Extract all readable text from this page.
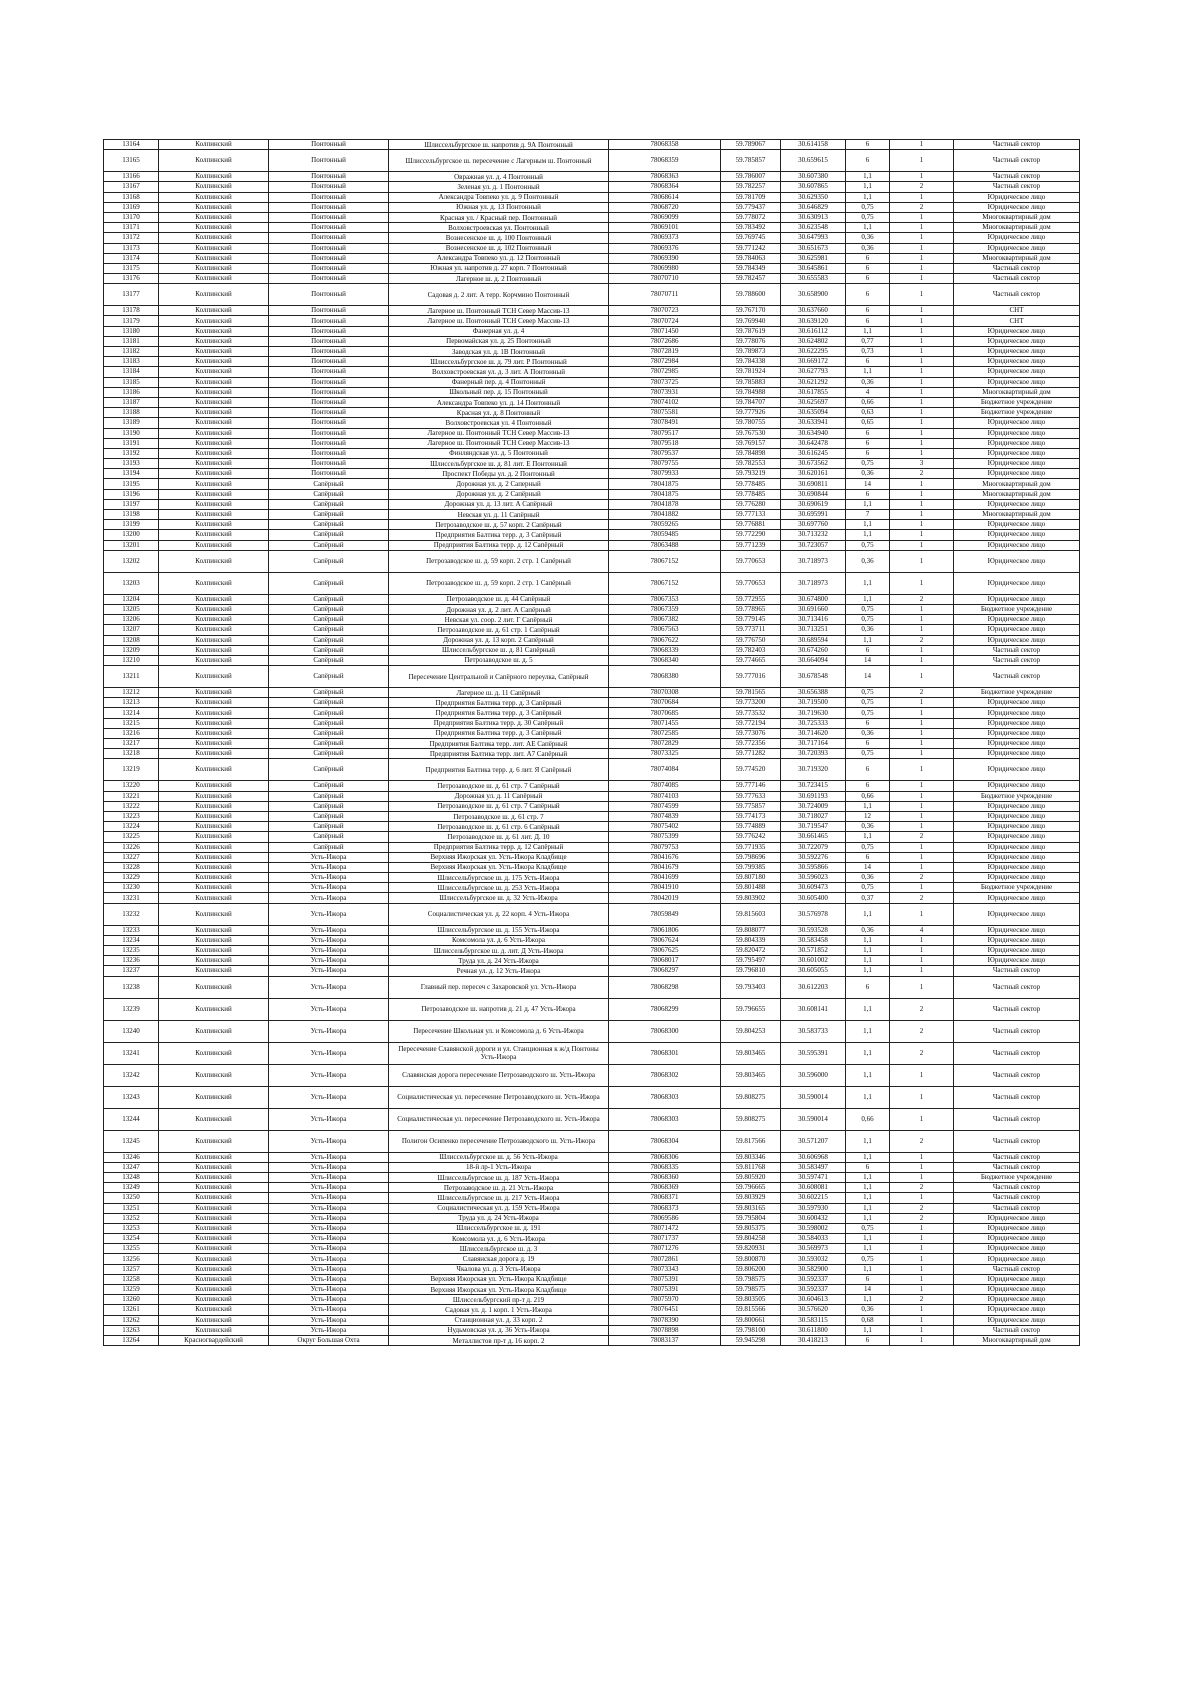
13164	Колпинский	Понтонный	Шлиссельбургское ш. напротив д. 9А Понтонный	78068358	59.789067	30.614158	6	1	Частный сектор
13165	Колпинский	Понтонный	Шлиссельбургское ш. пересечение с Лагерным ш. Понтонный	78068359	59.785857	30.659615	6	1	Частный сектор
13166	Колпинский	Понтонный	Овражная ул. д. 4 Понтонный	78068363	59.786007	30.607380	1,1	1	Частный сектор
13167	Колпинский	Понтонный	Зеленая ул. д. 1 Понтонный	78068364	59.782257	30.607865	1,1	2	Частный сектор
13168	Колпинский	Понтонный	Александра Товпеко ул. д. 9 Понтонный	78068614	59.781709	30.629350	1,1	1	Юридическое лицо
13169	Колпинский	Понтонный	Южная ул. д. 13 Понтонный	78068720	59.779437	30.646829	0,75	2	Юридическое лицо
13170	Колпинский	Понтонный	Красная ул. / Красный пер. Понтонный	78069099	59.778072	30.630913	0,75	1	Многоквартирный дом
13171	Колпинский	Понтонный	Волховстроевская ул. Понтонный	78069101	59.783492	30.623548	1,1	1	Многоквартирный дом
13172	Колпинский	Понтонный	Вознесенское ш. д. 100 Понтонный	78069373	59.769745	30.647993	0,36	1	Юридическое лицо
13173	Колпинский	Понтонный	Вознесенское ш. д. 102 Понтонный	78069376	59.771242	30.651673	0,36	1	Юридическое лицо
13174	Колпинский	Понтонный	Александра Товпеко ул. д. 12 Понтонный	78069390	59.784063	30.625981	6	1	Многоквартирный дом
13175	Колпинский	Понтонный	Южная ул. напротив д. 27 корп. 7 Понтонный	78069980	59.784349	30.645861	6	1	Частный сектор
13176	Колпинский	Понтонный	Лагерное ш. д. 2 Понтонный	78070710	59.782457	30.655583	6	1	Частный сектор
13177	Колпинский	Понтонный	Садовая д. 2 лит. А терр. Корчмино Понтонный	78070711	59.788600	30.658900	6	1	Частный сектор
13178	Колпинский	Понтонный	Лагерное ш. Понтонный ТСН Север Массив-13	78070723	59.767170	30.637660	6	1	СНТ
13179	Колпинский	Понтонный	Лагерное ш. Понтонный ТСН Север Массив-13	78070724	59.769940	30.639120	6	1	СНТ
13180	Колпинский	Понтонный	Фанерная ул. д. 4	78071450	59.787619	30.616112	1,1	1	Юридическое лицо
13181	Колпинский	Понтонный	Первомайская ул. д. 25 Понтонный	78072686	59.778076	30.624802	0,77	1	Юридическое лицо
13182	Колпинский	Понтонный	Заводская ул. д. 1В Понтонный	78072819	59.789873	30.622295	0,73	1	Юридическое лицо
13183	Колпинский	Понтонный	Шлиссельбургское ш. д. 79 лит. Р Понтонный	78072984	59.784338	30.669172	6	1	Юридическое лицо
13184	Колпинский	Понтонный	Волховстроевская ул. д. 3 лит. А Понтонный	78072985	59.781924	30.627793	1,1	1	Юридическое лицо
13185	Колпинский	Понтонный	Фанерный пер. д. 4 Понтонный	78073725	59.785883	30.621292	0,36	1	Юридическое лицо
13186	Колпинский	Понтонный	Школьный пер. д. 15 Понтонный	78073931	59.784988	30.617855	4	1	Многоквартирный дом
13187	Колпинский	Понтонный	Александра Товпеко ул. д. 14 Понтонный	78074102	59.784707	30.625697	0,66	1	Бюджетное учреждение
13188	Колпинский	Понтонный	Красная ул. д. 8 Понтонный	78075581	59.777926	30.635094	0,63	1	Бюджетное учреждение
13189	Колпинский	Понтонный	Волховстроевская ул. 4 Понтонный	78078491	59.780755	30.633941	0,65	1	Юридическое лицо
13190	Колпинский	Понтонный	Лагерное ш. Понтонный ТСН Север Массив-13	78079517	59.767530	30.634940	6	1	Юридическое лицо
13191	Колпинский	Понтонный	Лагерное ш. Понтонный ТСН Север Массив-13	78079518	59.769157	30.642478	6	1	Юридическое лицо
13192	Колпинский	Понтонный	Финляндская ул. д. 5 Понтонный	78079537	59.784898	30.616245	6	1	Юридическое лицо
13193	Колпинский	Понтонный	Шлиссельбургское ш. д. 81 лит. Е Понтонный	78079755	59.782553	30.673562	0,75	3	Юридическое лицо
13194	Колпинский	Понтонный	Проспект Победы ул. д. 2 Понтонный	78079933	59.793219	30.620161	0,36	2	Юридическое лицо
13195	Колпинский	Сапёрный	Дорожная ул. д. 2 Саперный	78041875	59.778485	30.690811	14	1	Многоквартирный дом
13196	Колпинский	Сапёрный	Дорожная ул. д. 2 Сапёрный	78041875	59.778485	30.690844	6	1	Многоквартирный дом
13197	Колпинский	Сапёрный	Дорожная ул. д. 13 лит. А Сапёрный	78041878	59.776280	30.690619	1,1	1	Юридическое лицо
13198	Колпинский	Сапёрный	Невская ул. д. 11 Сапёрный	78041882	59.777133	30.695991	7	1	Многоквартирный дом
13199	Колпинский	Сапёрный	Петрозаводское ш. д. 57 корп. 2 Сапёрный	78059265	59.776881	30.697760	1,1	1	Юридическое лицо
13200	Колпинский	Сапёрный	Предприятия Балтика терр. д. 3 Сапёрный	78059485	59.772290	30.713232	1,1	1	Юридическое лицо
13201	Колпинский	Сапёрный	Предприятия Балтика терр. д. 12 Сапёрный	78063488	59.771239	30.723057	0,75	1	Юридическое лицо
13202	Колпинский	Сапёрный	Петрозаводское ш. д. 59 корп. 2 стр. 1 Сапёрный	78067152	59.770653	30.718973	0,36	1	Юридическое лицо
13203	Колпинский	Сапёрный	Петрозаводское ш. д. 59 корп. 2 стр. 1 Сапёрный	78067152	59.770653	30.718973	1,1	1	Юридическое лицо
13204	Колпинский	Сапёрный	Петрозаводское ш. д. 44 Сапёрный	78067353	59.772955	30.674800	1,1	2	Юридическое лицо
13205	Колпинский	Сапёрный	Дорожная ул. д. 2 лит. А Сапёрный	78067359	59.778965	30.691660	0,75	1	Бюджетное учреждение
13206	Колпинский	Сапёрный	Невская ул. соор. 2 лит. Г Сапёрный	78067382	59.779145	30.713416	0,75	1	Юридическое лицо
13207	Колпинский	Сапёрный	Петрозаводское ш. д. 61 стр. 1 Сапёрный	78067563	59.773711	30.713251	0,36	1	Юридическое лицо
13208	Колпинский	Сапёрный	Дорожная ул. д. 13 корп. 2 Сапёрный	78067622	59.776750	30.689594	1,1	2	Юридическое лицо
13209	Колпинский	Сапёрный	Шлиссельбургское ш. д. 81 Сапёрный	78068339	59.782403	30.674260	6	1	Частный сектор
13210	Колпинский	Сапёрный	Петрозаводское ш. д. 5	78068340	59.774665	30.664094	14	1	Частный сектор
13211	Колпинский	Сапёрный	Пересечение Центральной и Сапёрного переулка, Сапёрный	78068380	59.777016	30.678548	14	1	Частный сектор
13212	Колпинский	Сапёрный	Лагерное ш. д. 11 Сапёрный	78070308	59.781565	30.656388	0,75	2	Бюджетное учреждение
13213	Колпинский	Сапёрный	Предприятия Балтика терр. д. 3 Сапёрный	78070684	59.773200	30.719500	0,75	1	Юридическое лицо
13214	Колпинский	Сапёрный	Предприятия Балтика терр. д. 3 Сапёрный	78070685	59.773532	30.719630	0,75	1	Юридическое лицо
13215	Колпинский	Сапёрный	Предприятия Балтика терр. д. 30 Сапёрный	78071455	59.772194	30.725333	6	1	Юридическое лицо
13216	Колпинский	Сапёрный	Предприятия Балтика терр. д. 3 Сапёрный	78072585	59.773076	30.714620	0,36	1	Юридическое лицо
13217	Колпинский	Сапёрный	Предприятия Балтика терр. лит. АЕ Сапёрный	78072829	59.772356	30.717164	6	1	Юридическое лицо
13218	Колпинский	Сапёрный	Предприятия Балтика терр. лит. А7 Сапёрный	78073325	59.771282	30.720393	0,75	1	Юридическое лицо
13219	Колпинский	Сапёрный	Предприятия Балтика терр. д. 6 лит. Я Сапёрный	78074084	59.774520	30.719320	6	1	Юридическое лицо
13220	Колпинский	Сапёрный	Петрозаводское ш. д. 61 стр. 7 Сапёрный	78074085	59.777146	30.723415	6	1	Юридическое лицо
13221	Колпинский	Сапёрный	Дорожная ул. д. 11 Сапёрный	78074103	59.777633	30.691193	0,66	1	Бюджетное учреждение
13222	Колпинский	Сапёрный	Петрозаводское ш. д. 61 стр. 7 Сапёрный	78074599	59.775857	30.724009	1,1	1	Юридическое лицо
13223	Колпинский	Сапёрный	Петрозаводское ш. д. 61 стр. 7	78074839	59.774173	30.718027	12	1	Юридическое лицо
13224	Колпинский	Сапёрный	Петрозаводское ш. д. 61 стр. 6 Сапёрный	78075402	59.774889	30.719547	0,36	1	Юридическое лицо
13225	Колпинский	Сапёрный	Петрозаводское ш. д. 61 лит. Д. 10	78075399	59.776242	30.661465	1,1	2	Юридическое лицо
13226	Колпинский	Сапёрный	Предприятия Балтика терр. д. 12 Сапёрный	78079753	59.771935	30.722079	0,75	1	Юридическое лицо
13227	Колпинский	Усть-Ижора	Верхняя Ижорская ул. Усть-Ижора Кладбище	78041676	59.798696	30.592276	6	1	Юридическое лицо
13228	Колпинский	Усть-Ижора	Верхняя Ижорская ул. Усть-Ижора Кладбище	78041679	59.799385	30.595866	14	1	Юридическое лицо
13229	Колпинский	Усть-Ижора	Шлиссельбургское ш. д. 175 Усть-Ижора	78041699	59.807180	30.596023	0,36	2	Юридическое лицо
13230	Колпинский	Усть-Ижора	Шлиссельбургское ш. д. 253 Усть-Ижора	78041910	59.801488	30.609473	0,75	1	Бюджетное учреждение
13231	Колпинский	Усть-Ижора	Шлиссельбургское ш. д. 32 Усть-Ижора	78042019	59.803902	30.605400	0,37	2	Юридическое лицо
13232	Колпинский	Усть-Ижора	Социалистическая ул. д. 22 корп. 4 Усть-Ижора	78059849	59.815603	30.576978	1,1	1	Юридическое лицо
13233	Колпинский	Усть-Ижора	Шлиссельбургское ш. д. 155 Усть-Ижора	78061806	59.808077	30.593528	0,36	4	Юридическое лицо
13234	Колпинский	Усть-Ижора	Комсомола ул. д. 6 Усть-Ижора	78067624	59.804339	30.583458	1,1	1	Юридическое лицо
13235	Колпинский	Усть-Ижора	Шлиссельбургское ш. д. лит. Д Усть-Ижора	78067625	59.820472	30.571852	1,1	1	Юридическое лицо
13236	Колпинский	Усть-Ижора	Труда ул. д. 24 Усть-Ижора	78068017	59.795497	30.601002	1,1	1	Юридическое лицо
13237	Колпинский	Усть-Ижора	Речная ул. д. 12 Усть-Ижора	78068297	59.796810	30.605055	1,1	1	Частный сектор
13238	Колпинский	Усть-Ижора	Главный пер. пересеч с Захаровской ул. Усть-Ижора	78068298	59.793403	30.612203	6	1	Частный сектор
13239	Колпинский	Усть-Ижора	Петрозаводское ш. напротив д. 21 д. 47 Усть-Ижора	78068299	59.796655	30.608141	1,1	2	Частный сектор
13240	Колпинский	Усть-Ижора	Пересечение Школьная ул. и Комсомола д. 6 Усть-Ижора	78068300	59.804253	30.583733	1,1	2	Частный сектор
13241	Колпинский	Усть-Ижора	Пересечение Славянской дороги и ул. Станционная к ж/д Понтоны Усть-Ижора	78068301	59.803465	30.595391	1,1	2	Частный сектор
13242	Колпинский	Усть-Ижора	Славянская дорога пересечение Петрозаводского ш. Усть-Ижора	78068302	59.803465	30.596000	1,1	1	Частный сектор
13243	Колпинский	Усть-Ижора	Социалистическая ул. пересечение Петрозаводского ш. Усть-Ижора	78068303	59.808275	30.590014	1,1	1	Частный сектор
13244	Колпинский	Усть-Ижора	Социалистическая ул. пересечение Петрозаводского ш. Усть-Ижора	78068303	59.808275	30.590014	0,66	1	Частный сектор
13245	Колпинский	Усть-Ижора	Полигон Осипенко пересечение Петрозаводского ш. Усть-Ижора	78068304	59.817566	30.571207	1,1	2	Частный сектор
13246	Колпинский	Усть-Ижора	Шлиссельбургское ш. д. 56 Усть-Ижора	78068306	59.803346	30.606968	1,1	1	Частный сектор
13247	Колпинский	Усть-Ижора	18-й лр-1 Усть-Ижора	78068335	59.811768	30.583497	6	1	Частный сектор
13248	Колпинский	Усть-Ижора	Шлиссельбургское ш. д. 187 Усть-Ижора	78068360	59.805920	30.597471	1,1	1	Бюджетное учреждение
13249	Колпинский	Усть-Ижора	Петрозаводское ш. д. 21 Усть-Ижора	78068369	59.796665	30.608081	1,1	2	Частный сектор
13250	Колпинский	Усть-Ижора	Шлиссельбургское ш. д. 217 Усть-Ижора	78068371	59.803929	30.602215	1,1	1	Частный сектор
13251	Колпинский	Усть-Ижора	Социалистическая ул. д. 159 Усть-Ижора	78068373	59.803165	30.597930	1,1	2	Частный сектор
13252	Колпинский	Усть-Ижора	Труда ул. д. 24 Усть-Ижора	78069586	59.795804	30.600432	1,1	2	Юридическое лицо
13253	Колпинский	Усть-Ижора	Шлиссельбургское ш. д. 191	78071472	59.805375	30.598002	0,75	1	Юридическое лицо
13254	Колпинский	Усть-Ижора	Комсомола ул. д. 6 Усть-Ижора	78071737	59.804258	30.584033	1,1	1	Юридическое лицо
13255	Колпинский	Усть-Ижора	Шлиссельбургское ш. д. 3	78071276	59.820931	30.569973	1,1	1	Юридическое лицо
13256	Колпинский	Усть-Ижора	Славянская дорога д. 19	78072861	59.800870	30.593032	0,75	1	Юридическое лицо
13257	Колпинский	Усть-Ижора	Чкалова ул. д. 3 Усть-Ижора	78073343	59.806200	30.582900	1,1	1	Частный сектор
13258	Колпинский	Усть-Ижора	Верхняя Ижорская ул. Усть-Ижора Кладбище	78075391	59.798575	30.592337	6	1	Юридическое лицо
13259	Колпинский	Усть-Ижора	Верхняя Ижорская ул. Усть-Ижора Кладбище	78075391	59.798575	30.592337	14	1	Юридическое лицо
13260	Колпинский	Усть-Ижора	Шлиссельбургский пр-т д. 219	78075970	59.803505	30.604613	1,1	2	Юридическое лицо
13261	Колпинский	Усть-Ижора	Садовая ул. д. 1 корп. 1 Усть-Ижора	78076451	59.815566	30.576620	0,36	1	Юридическое лицо
13262	Колпинский	Усть-Ижора	Станционная ул. д. 33 корп. 2	78078390	59.800661	30.583115	0,68	1	Юридическое лицо
13263	Колпинский	Усть-Ижора	Нудьмовская ул. д. 36 Усть-Ижора	78078898	59.798100	30.611800	1,1	1	Частный сектор
13264	Красногвардейский	Округ Большая Охта	Металлистов пр-т д. 16 корп. 2	78083137	59.945298	30.418213	6	1	Многоквартирный дом
